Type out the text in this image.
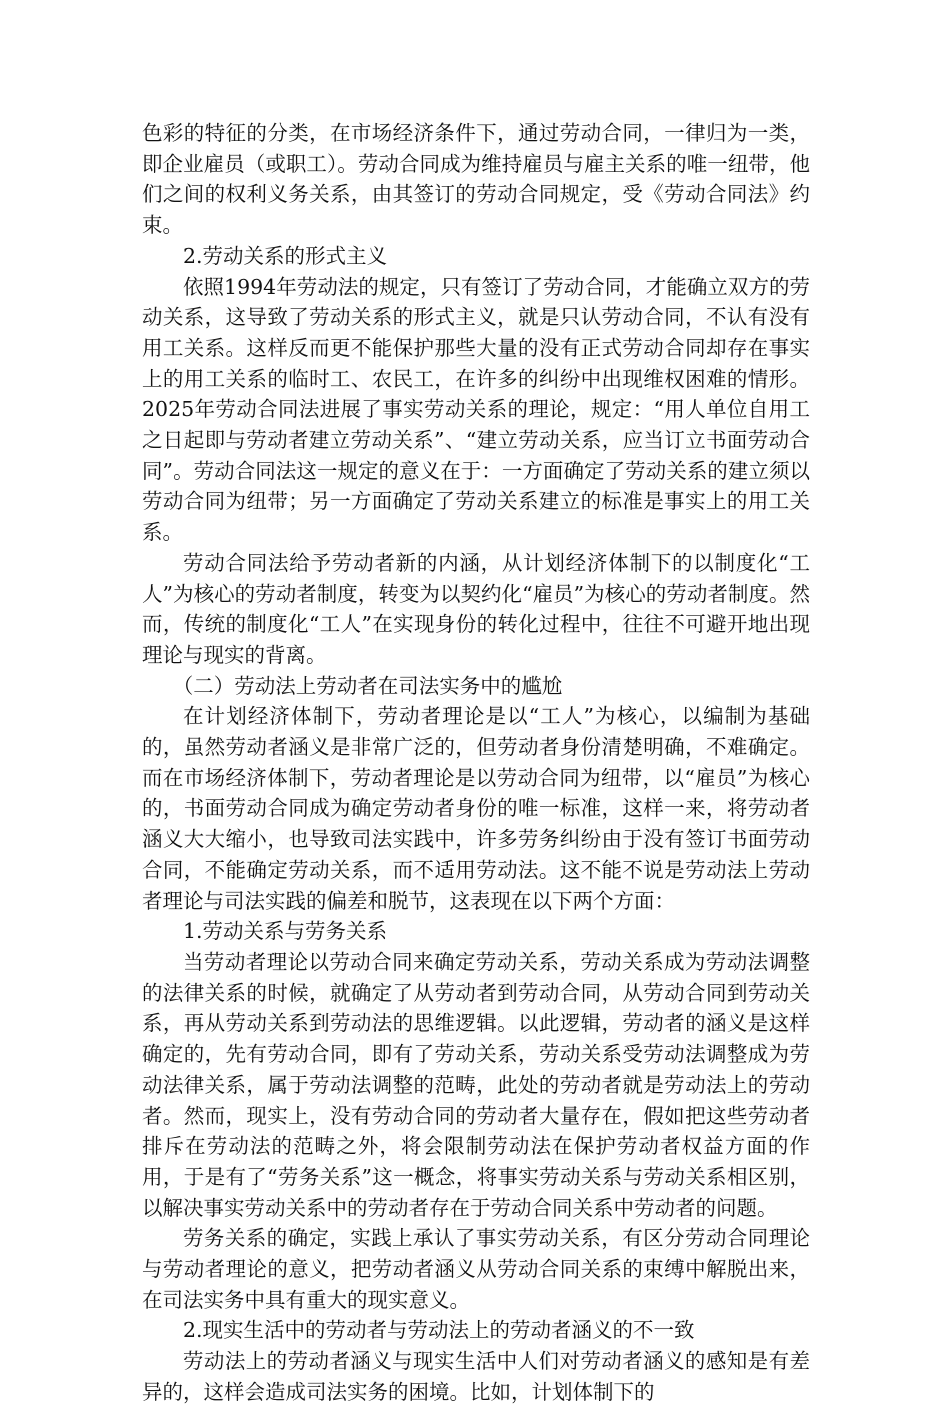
色彩的特征的分类，在市场经济条件下，通过劳动合同，一律归为一类，即企业雇员（或职工）。劳动合同成为维持雇员与雇主关系的唯一纽带，他们之间的权利义务关系，由其签订的劳动合同规定，受《劳动合同法》约束。

2.劳动关系的形式主义

依照1994年劳动法的规定，只有签订了劳动合同，才能确立双方的劳动关系，这导致了劳动关系的形式主义，就是只认劳动合同，不认有没有用工关系。这样反而更不能保护那些大量的没有正式劳动合同却存在事实上的用工关系的临时工、农民工，在许多的纠纷中出现维权困难的情形。2025年劳动合同法进展了事实劳动关系的理论，规定：“用人单位自用工之日起即与劳动者建立劳动关系”、“建立劳动关系，应当订立书面劳动合同”。劳动合同法这一规定的意义在于：一方面确定了劳动关系的建立须以劳动合同为纽带；另一方面确定了劳动关系建立的标准是事实上的用工关系。

劳动合同法给予劳动者新的内涵，从计划经济体制下的以制度化“工人”为核心的劳动者制度，转变为以契约化“雇员”为核心的劳动者制度。然而，传统的制度化“工人”在实现身份的转化过程中，往往不可避开地出现理论与现实的背离。

（二）劳动法上劳动者在司法实务中的尴尬

在计划经济体制下，劳动者理论是以“工人”为核心，以编制为基础的，虽然劳动者涵义是非常广泛的，但劳动者身份清楚明确，不难确定。而在市场经济体制下，劳动者理论是以劳动合同为纽带，以“雇员”为核心的，书面劳动合同成为确定劳动者身份的唯一标准，这样一来，将劳动者涵义大大缩小，也导致司法实践中，许多劳务纠纷由于没有签订书面劳动合同，不能确定劳动关系，而不适用劳动法。这不能不说是劳动法上劳动者理论与司法实践的偏差和脱节，这表现在以下两个方面：

1.劳动关系与劳务关系

当劳动者理论以劳动合同来确定劳动关系，劳动关系成为劳动法调整的法律关系的时候，就确定了从劳动者到劳动合同，从劳动合同到劳动关系，再从劳动关系到劳动法的思维逻辑。以此逻辑，劳动者的涵义是这样确定的，先有劳动合同，即有了劳动关系，劳动关系受劳动法调整成为劳动法律关系，属于劳动法调整的范畴，此处的劳动者就是劳动法上的劳动者。然而，现实上，没有劳动合同的劳动者大量存在，假如把这些劳动者排斥在劳动法的范畴之外，将会限制劳动法在保护劳动者权益方面的作用，于是有了“劳务关系”这一概念，将事实劳动关系与劳动关系相区别，以解决事实劳动关系中的劳动者存在于劳动合同关系中劳动者的问题。

劳务关系的确定，实践上承认了事实劳动关系，有区分劳动合同理论与劳动者理论的意义，把劳动者涵义从劳动合同关系的束缚中解脱出来，在司法实务中具有重大的现实意义。

2.现实生活中的劳动者与劳动法上的劳动者涵义的不一致

劳动法上的劳动者涵义与现实生活中人们对劳动者涵义的感知是有差异的，这样会造成司法实务的困境。比如，计划体制下的
